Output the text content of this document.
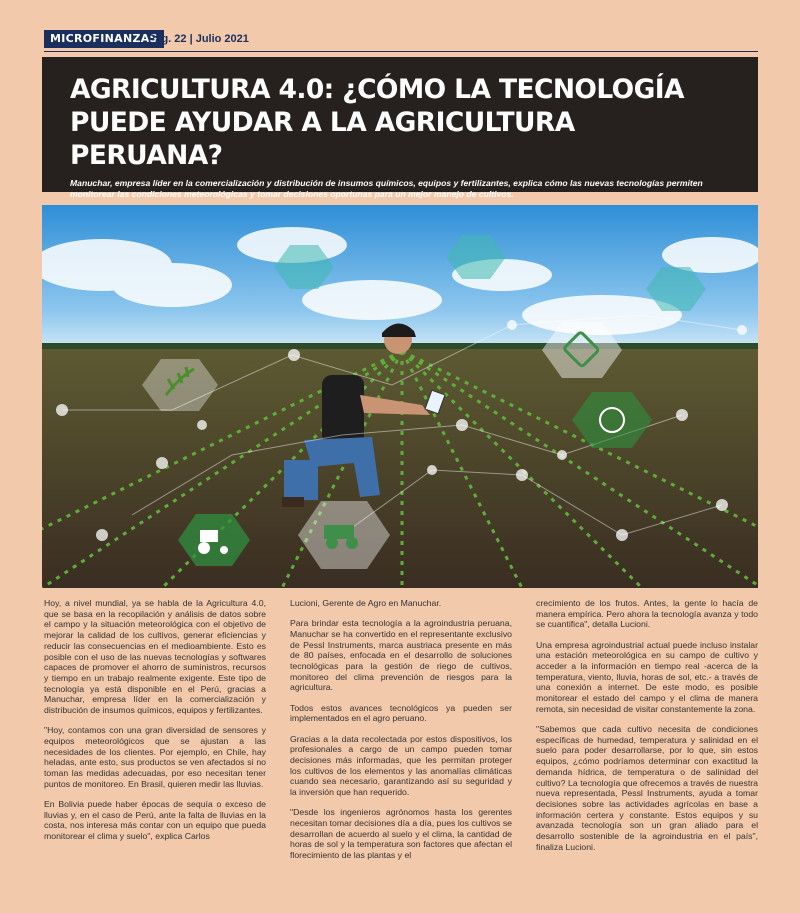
MICROFINANZAS
Pág. 22 | Julio 2021
AGRICULTURA 4.0: ¿CÓMO LA TECNOLOGÍA
PUEDE AYUDAR A LA AGRICULTURA PERUANA?
Manuchar, empresa líder en la comercialización y distribución de insumos químicos, equipos y fertilizantes, explica cómo las nuevas tecnologías permiten monitorear las condiciones meteorológicas y tomar decisiones oportunas para un mejor manejo de cultivos.

Hoy, a nivel mundial, ya se habla de la Agricultura 4.0, que se basa en la recopilación y análisis de datos sobre el campo y la situación meteorológica con el objetivo de mejorar la calidad de los cultivos, generar eficiencias y reducir las consecuencias en el medioambiente. Esto es posible con el uso de las nuevas tecnologías y softwares capaces de promover el ahorro de suministros, recursos y tiempo en un trabajo realmente exigente. Este tipo de tecnología ya está disponible en el Perú, gracias a Manuchar, empresa líder en la comercialización y distribución de insumos químicos, equipos y fertilizantes.

"Hoy, contamos con una gran diversidad de sensores y equipos meteorológicos que se ajustan a las necesidades de los clientes. Por ejemplo, en Chile, hay heladas, ante esto, sus productos se ven afectados si no toman las medidas adecuadas, por eso necesitan tener puntos de monitoreo. En Brasil, quieren medir las lluvias.

En Bolivia puede haber épocas de sequía o exceso de lluvias y, en el caso de Perú, ante la falta de lluvias en la costa, nos interesa más contar con un equipo que pueda monitorear el clima y suelo", explica Carlos

Lucioni, Gerente de Agro en Manuchar.

Para brindar esta tecnología a la agroindustria peruana, Manuchar se ha convertido en el representante exclusivo de Pessl Instruments, marca austriaca presente en más de 80 países, enfocada en el desarrollo de soluciones tecnológicas para la gestión de riego de cultivos, monitoreo del clima prevención de riesgos para la agricultura.

Todos estos avances tecnológicos ya pueden ser implementados en el agro peruano.

Gracias a la data recolectada por estos dispositivos, los profesionales a cargo de un campo pueden tomar decisiones más informadas, que les permitan proteger los cultivos de los elementos y las anomalías climáticas cuando sea necesario, garantizando así su seguridad y la inversión que han requerido.

"Desde los ingenieros agrónomos hasta los gerentes necesitan tomar decisiones día a día, pues los cultivos se desarrollan de acuerdo al suelo y el clima, la cantidad de horas de sol y la temperatura son factores que afectan el florecimiento de las plantas y el

crecimiento de los frutos. Antes, la gente lo hacía de manera empírica. Pero ahora la tecnología avanza y todo se cuantifica", detalla Lucioni.

Una empresa agroindustrial actual puede incluso instalar una estación meteorológica en su campo de cultivo y acceder a la información en tiempo real -acerca de la temperatura, viento, lluvia, horas de sol, etc.- a través de una conexión a internet. De este modo, es posible monitorear el estado del campo y el clima de manera remota, sin necesidad de visitar constantemente la zona.

"Sabemos que cada cultivo necesita de condiciones específicas de humedad, temperatura y salinidad en el suelo para poder desarrollarse, por lo que, sin estos equipos, ¿cómo podríamos determinar con exactitud la demanda hídrica, de temperatura o de salinidad del cultivo? La tecnología que ofrecemos a través de nuestra nueva representada, Pessl Instruments, ayuda a tomar decisiones sobre las actividades agrícolas en base a información certera y constante. Estos equipos y su avanzada tecnología son un gran aliado para el desarrollo sostenible de la agroindustria en el país", finaliza Lucioni.
